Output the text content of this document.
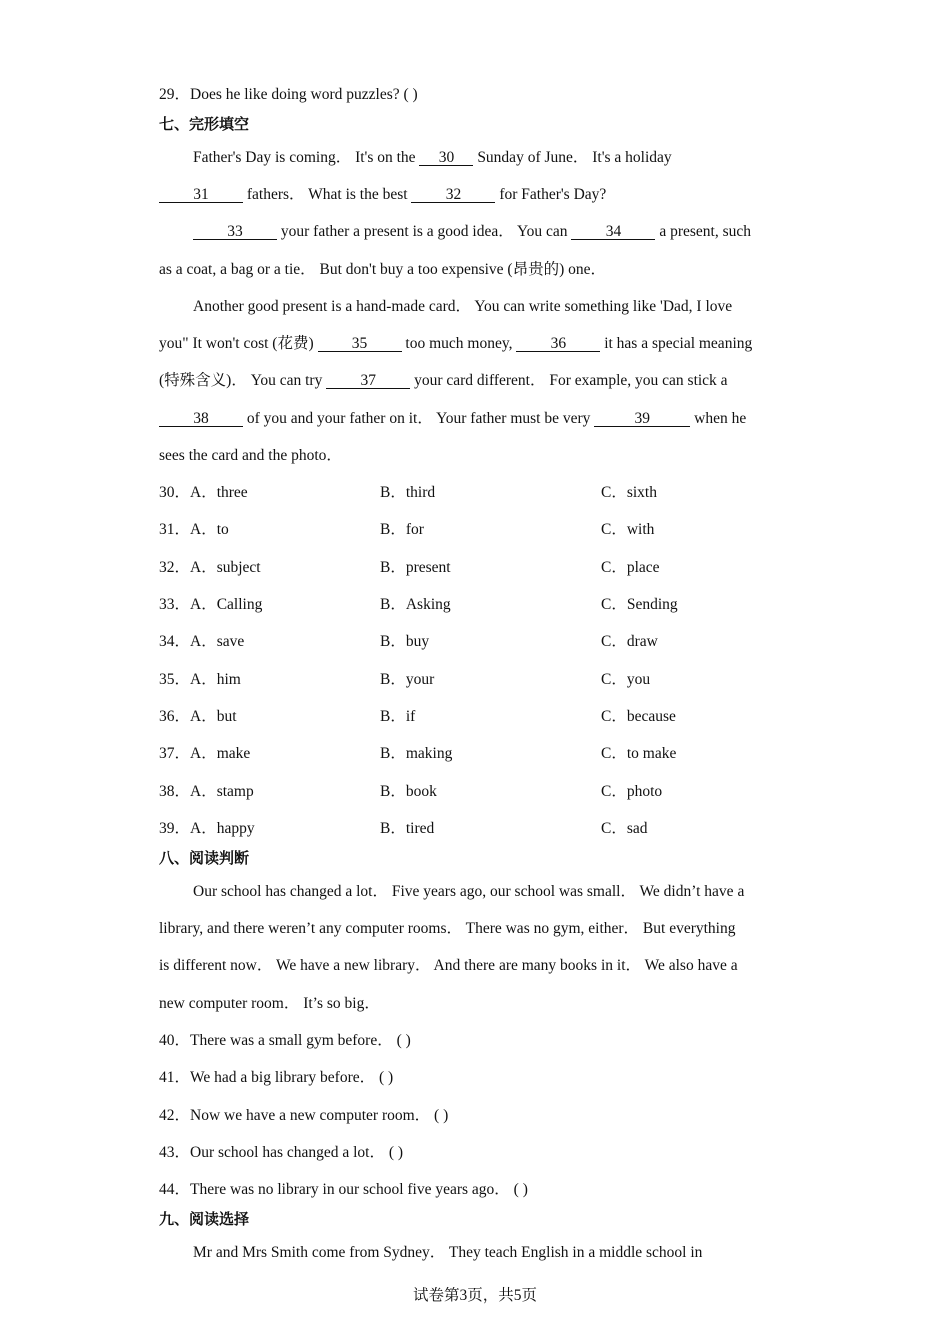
29．Does he like doing word puzzles? ( )
七、完形填空
Father's Day is coming． It's on the 30 Sunday of June． It's a holiday
31 fathers． What is the best 32 for Father's Day?
33 your father a present is a good idea． You can 34 a present, such
as a coat, a bag or a tie． But don't buy a too expensive (昂贵的) one．
Another good present is a hand-made card． You can write something like 'Dad, I love
you" It won't cost (花费) 35 too much money, 36 it has a special meaning
(特殊含义)． You can try 37 your card different． For example, you can stick a
38 of you and your father on it． Your father must be very	39	when he
sees the card and the photo．
30．A．three	B．third	C．sixth
31．A．to	B．for	C．with
32．A．subject	B．present	C．place
33．A．Calling	B．Asking	C．Sending
34．A．save	B．buy	C．draw
35．A．him	B．your	C．you
36．A．but	B．if	C．because
37．A．make	B．making	C．to make
38．A．stamp	B．book	C．photo
39．A．happy	B．tired	C．sad
八、阅读判断
Our school has changed a lot． Five years ago, our school was small． We didn’t have a
library, and there weren’t any computer rooms． There was no gym, either． But everything
is different now． We have a new library． And there are many books in it． We also have a
new computer room． It’s so big．
40．There was a small gym before． ( )
41．We had a big library before． ( )
42．Now we have a new computer room． ( )
43．Our school has changed a lot． ( )
44．There was no library in our school five years ago． ( )
九、阅读选择
Mr and Mrs Smith come from Sydney． They teach English in a middle school in
试卷第3页，共5页
